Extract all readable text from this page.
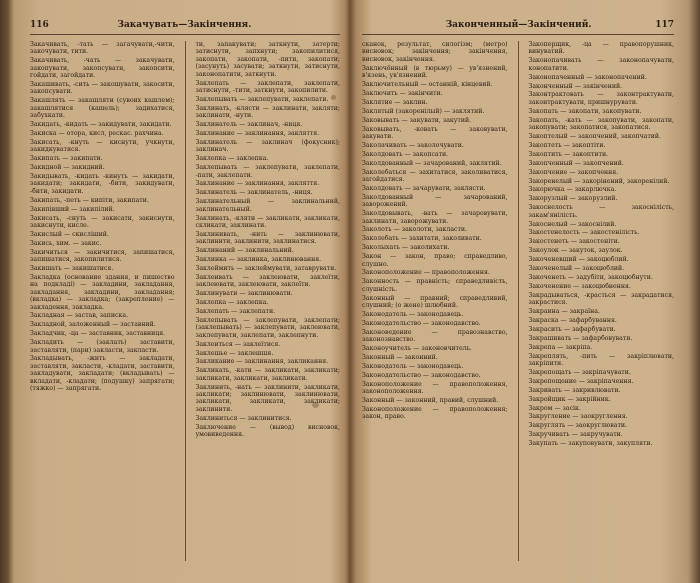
116	Закачувать—Закінчення.

Закачивать, -тать — загачувати,-чити, закочувати, тити.

Закачивать, -чать — закачувати, закопувати, закопсувати, закопсити, гойдати, загойдати.

Закашивать, -сить — закошувати, закосити, закопсувати.

Закашлять — закашляти (сувоих кашлем); закашлятися (кашель); задихатися, забухкати.

Закидать, -кидать — закидувати, закидати.

Закиска — отора, кисл, рескас. рахчина.

Закисать, -кнуть — киснути, учкнути, закидкуватися.

Закипать — закипати.

Закидной — закидний.

Закидывать, -кидать -кинуть — закидати, закидати; закидати, -бити, закидувати, -бити, закидати.

Закипать, -петь — кипіти, закипати.

Закипівший — закипілий.

Закисать, -снуть — закисати, закиснути, закиснути, кисле.

Закислый — скисліший.

Закись, хим. — закис.

Закичиться — закичитися, запишатися, запишатися, закопилитися.

Закишать — закишатися.

Закладка (основание здания, и пишество на подкладі) — закладини, закладання, закладання, закладини, закладання; (вкладка) — закладка; (закрепление) — закладення, закладка.

Закладная — застав, записка.

Закладной, заложенный — заставний.

Закладчик, -ца — заставник, заставниця.

Закладить — (заклать) заставити, заставляти, (пари) закласти, закласти.

Закладывать, -жить — закладати, заставляти, закласти, -кладати, заставити, закладувати, закладати; (вкладывать) — вкладати, -кладати; (подушку) запрягати; (тяжко) — запрягати.

ти, запакувати; заткнути, затерти; затиснути, запхнути; закопилитися, закопати, закопати, -пити, закопати; (засунуть) засувати; заткнути, затиснути, законопатити, заткнути.

Заклепать — заклепати, заклепати, затиснути, -тити, заткнути, закопилити.

Заклепывать — заклепувати, заклепати.

Заклинать, -клясти — заклинати, закляти; заклинати, -нути.

Заклинатель — заклинач, -ниця.

Заклинание — заклинання, закляття.

Заклинатель — заклинач (фокусник); заклинач.

Заклепка — заклепка.

Заклепывать — заклепувати, заклепати, -пати, заклепати.

Заклинание — заклинання, закляття.

Заклинатель — заклинатель, -ниця.

Заклинательный — заклинальний, заклинательный.

Заклинать, -кляти — закликати, закликати, скликати, заклинати.

Заклинивать, -нить — заклинювати, заклинити, заклинити, заклинатися.

Заклинаний — заклинальний.

Заклинка — заклинка, заклинювання.

Заклеймить — заклеймувати, затаврувати.

Заклеивать — заклеювати, заклеїти, заклеювати, заклеювати, заклеїти.

Заклинувати — заклинювати.

Заклепка — заклепка.

Заклепать — заклепати.

Заклепывать — заклепувати, заклепати; (заклепывать) — заклепувати, заклеювати, заклепувати, заклепати, заклепнути.

Заклеиться — заклеїтися.

Заклешье — заклешшя.

Закликание — заклинання, закликання.

Закликать, -кати — закликати, закликати; закликати, закликати, закликати.

Заклинить, -нать — заклинити, закликати, закликати; заклинювати, заклинювати, закликати, закликати, закликати; заклинити.

Заклиниться — заклинитися.

Заключение — (вывод) висновок, умовиведення.

Законченный—Закінчений.	117

сканок, результат, силогізм; (метро) висновок; закінчення; закінчення, висновок, закінчення.

Заключённый (в тюрьму) — ув'язнений, в'язень, ув'язнений.

Заключительный — останній, кінцевий.

Заключить — закінчити.

Заклятие — заклин.

Заклятый (закоренілый) — заклятий.

Заковывать — закувати, закутий.

Заковывать, -ковать — заковувати, закувати.

Заколачивать — заколочувати.

Заколдовать — закопсати.

Заколдованный — зачарований, заклятий.

Заколебаться — захитатися, заколиватися, загойдатися.

Заколдовать — зачарувати, заклясти.

Заколдованный — зачарований, заворожений.

Заколдовывать, -вать — зачаровувати, заклинати, заворожувати.

Заколоть — заколоти, закласти.

Заколебать — захитати, заколивати.

Заколыхать — заколихати.

Закон — закон, право; справедливо, слушно.

Законоположение — правоположення.

Законность — правність; справедливість, слушність.

Законный — правний; справедливий, слушний; (о жене) шлюбний.

Законодатель — законодавець.

Законодательство — законодавство.

Законоведение — правознавство, законознавство.

Законоучитель — законовчитель.

Законный — законний.

Законодатель — законодавець.

Законодательство — законодавство.

Законоположение — правоположення, законоположення.

Законный — законний, правий, слушний.

Законоположение — правоположення; закон, право.

Закоперщик, -ца — правопорушник, винуватий.

Законопачивать — законопачувати, конопатити.

Законопаченный — законопачений.

Законченный — закінчений.

Законтрактовать — законтрактувати, законтрактувати, пришнурувати.

Закопать — закопати, закопувати.

Закопать, -кать — закопувати, закопати, закопувати; закопатися, закопатися.

Закоптелый — закопчений, закопчатий.

Закоптеть — закоптіти.

Закоптить — закоптити.

Закопченный — закопчений.

Закопчение — закопчення.

Закоренелый — закорінений, закоренілий.

Закорючка — закарлючка.

Закорузлый — закорузлий.

Закоснелость — закоснілість, закам'янілість.

Закоснелый — закоснілий.

Закостенелость — закостенілість.

Закостенеть — закостеніти.

Закоулок — закуток, заулок.

Закоченевший — закоцюблий.

Закоченелый — закоцюблий.

Закоченеть — задубіти, закоцюбнути.

Закоченение — закоцюбнення.

Закрадываться, -красться — закрадатися, закрастися.

Закраина — закраїна.

Закраска — зафарбування.

Закрасить — зафарбувати.

Закрашивать — зафарбовувати.

Закрепа — закріпа.

Закреплять, -пить — закріплювати, закріпити.

Закрепощать — закріпачувати.

Закрепощение — закріпачення.

Закривать — закривлювати.

Закройщик — закрійник.

Закром — засік.

Закругление — заокруглення.

Закруглять — заокруглювати.

Закручивать — закручувати.

Закупать — закуповувати, закупляти.
